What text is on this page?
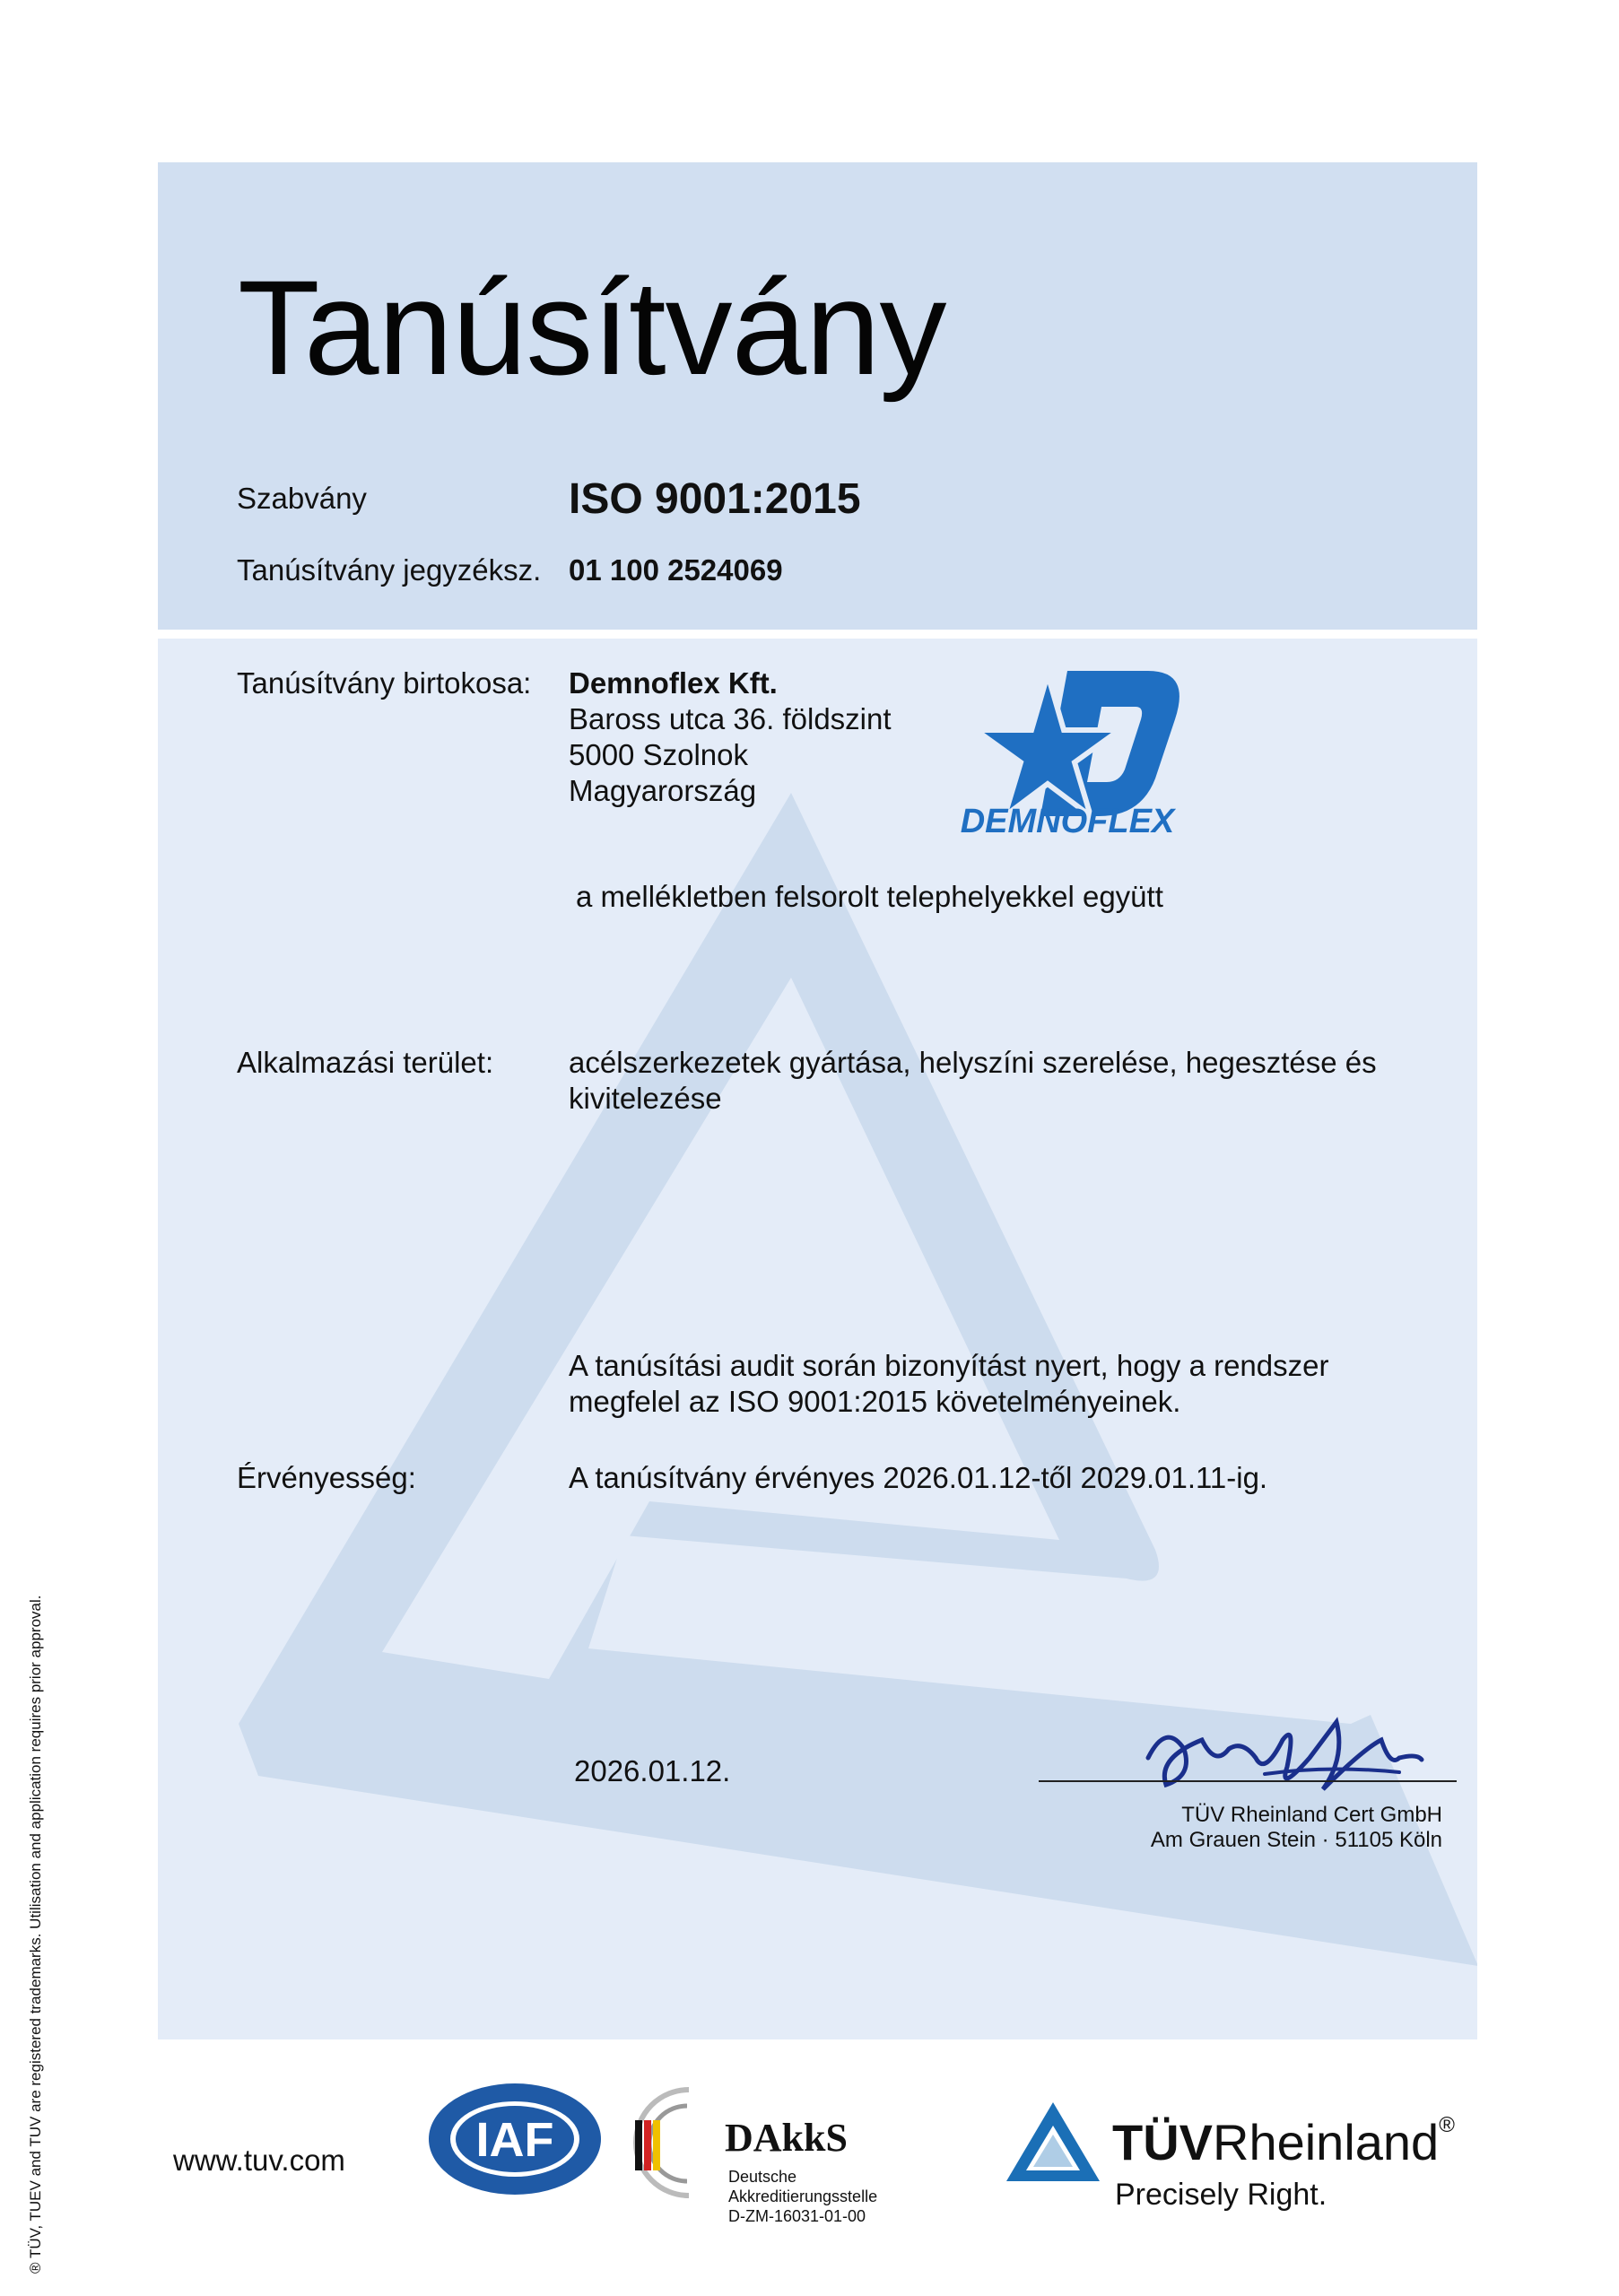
Tanúsítvány
Szabvány	ISO 9001:2015
Tanúsítvány jegyzéksz. 01 100 2524069
Tanúsítvány birtokosa: Demnoflex Kft.
Baross utca 36. földszint
5000 Szolnok
Magyarország
DEMNOFLEX
a mellékletben felsorolt telephelyekkel együtt
Alkalmazási terület:	acélszerkezetek gyártása, helyszíni szerelése, hegesztése és
kivitelezése
A tanúsítási audit során bizonyítást nyert, hogy a rendszer
megfelel az ISO 9001:2015 követelményeinek.
Érvényesség:	A tanúsítvány érvényes 2026.01.12-től 2029.01.11-ig.
2026.01.12.
TÜV Rheinland Cert GmbH
Am Grauen Stein · 51105 Köln
® TÜV, TUEV and TUV are registered trademarks. Utilisation and application requires prior approval.	www.tuv.com	IAF	DAkkS
Deutsche
Akkreditierungsstelle
D-ZM-16031-01-00
TÜVRheinland®
Precisely Right.
